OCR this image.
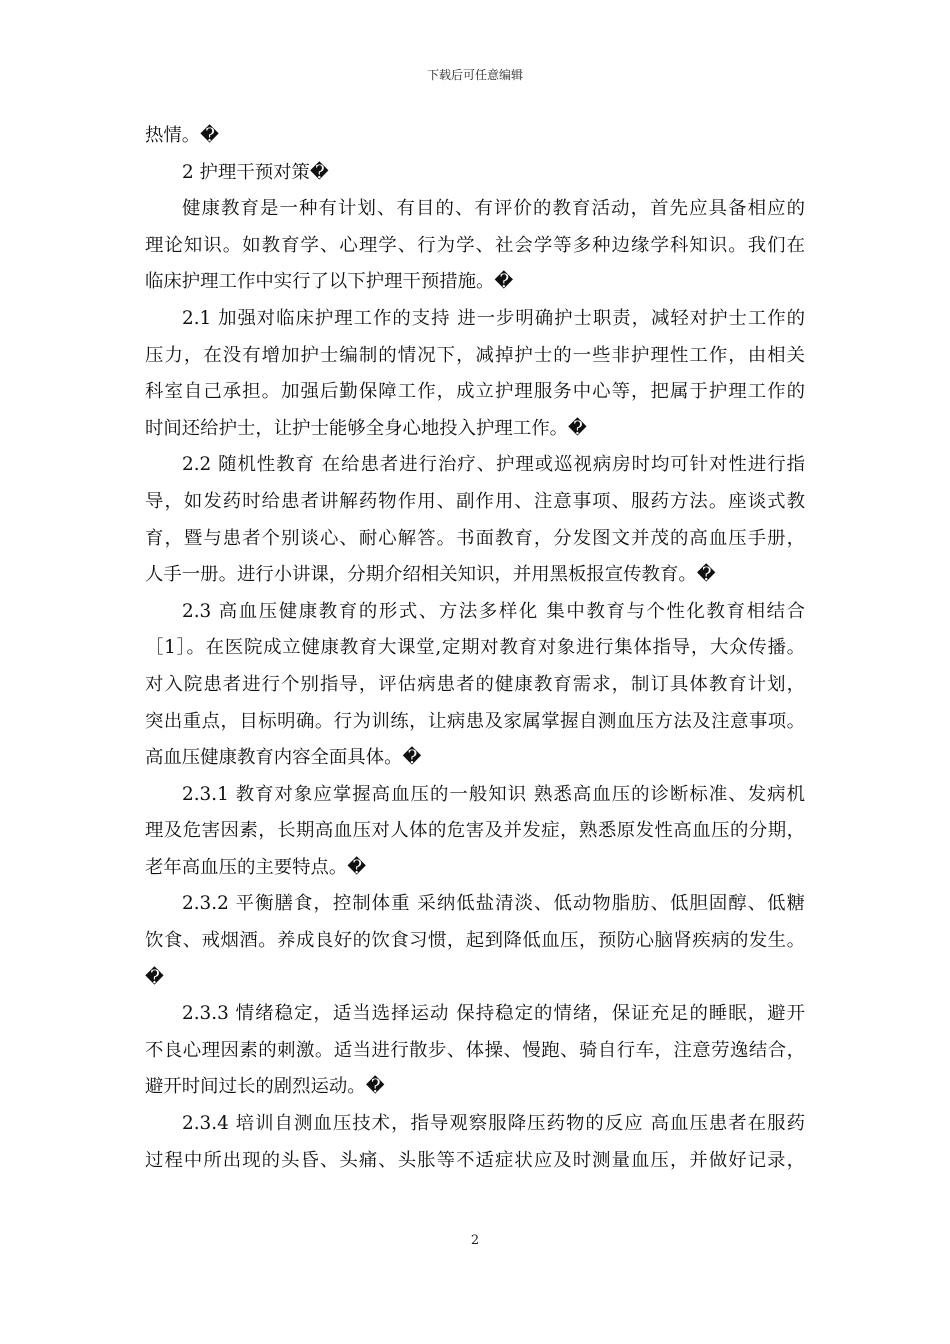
下载后可任意编辑
热情。�
2 护理干预对策�
健康教育是一种有计划、有目的、有评价的教育活动，首先应具备相应的
理论知识。如教育学、心理学、行为学、社会学等多种边缘学科知识。我们在
临床护理工作中实行了以下护理干预措施。�
2.1 加强对临床护理工作的支持 进一步明确护士职责，减轻对护士工作的
压力，在没有增加护士编制的情况下，减掉护士的一些非护理性工作，由相关
科室自己承担。加强后勤保障工作，成立护理服务中心等，把属于护理工作的
时间还给护士，让护士能够全身心地投入护理工作。�
2.2 随机性教育 在给患者进行治疗、护理或巡视病房时均可针对性进行指
导，如发药时给患者讲解药物作用、副作用、注意事项、服药方法。座谈式教
育，暨与患者个别谈心、耐心解答。书面教育，分发图文并茂的高血压手册，
人手一册。进行小讲课，分期介绍相关知识，并用黑板报宣传教育。�
2.3 高血压健康教育的形式、方法多样化 集中教育与个性化教育相结合
［1］。在医院成立健康教育大课堂,定期对教育对象进行集体指导，大众传播。
对入院患者进行个别指导，评估病患者的健康教育需求，制订具体教育计划，
突出重点，目标明确。行为训练，让病患及家属掌握自测血压方法及注意事项。
高血压健康教育内容全面具体。�
2.3.1 教育对象应掌握高血压的一般知识 熟悉高血压的诊断标准、发病机
理及危害因素，长期高血压对人体的危害及并发症，熟悉原发性高血压的分期，
老年高血压的主要特点。�
2.3.2 平衡膳食，控制体重 采纳低盐清淡、低动物脂肪、低胆固醇、低糖
饮食、戒烟酒。养成良好的饮食习惯，起到降低血压，预防心脑肾疾病的发生。
�
2.3.3 情绪稳定，适当选择运动 保持稳定的情绪，保证充足的睡眠，避开
不良心理因素的刺激。适当进行散步、体操、慢跑、骑自行车，注意劳逸结合，
避开时间过长的剧烈运动。�
2.3.4 培训自测血压技术，指导观察服降压药物的反应 高血压患者在服药
过程中所出现的头昏、头痛、头胀等不适症状应及时测量血压，并做好记录，
2
